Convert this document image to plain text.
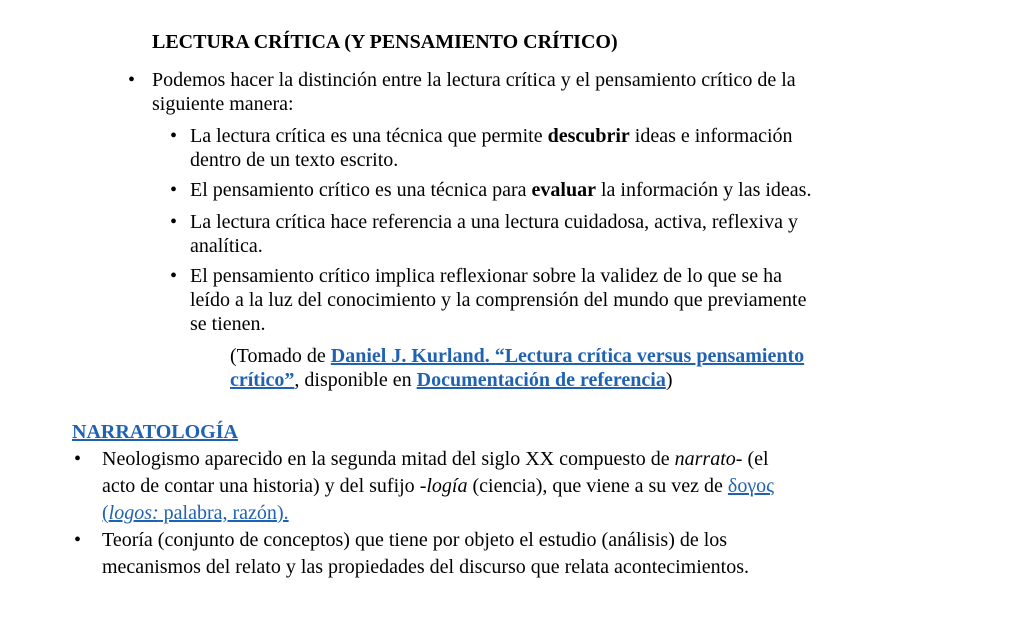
LECTURA CRÍTICA (Y PENSAMIENTO CRÍTICO)
• Podemos hacer la distinción entre la lectura crítica y el pensamiento crítico de la
siguiente manera:
• La lectura crítica es una técnica que permite descubrir ideas e información
dentro de un texto escrito.
• El pensamiento crítico es una técnica para evaluar la información y las ideas.
• La lectura crítica hace referencia a una lectura cuidadosa, activa, reflexiva y
analítica.
• El pensamiento crítico implica reflexionar sobre la validez de lo que se ha
leído a la luz del conocimiento y la comprensión del mundo que previamente
se tienen.
(Tomado de Daniel J. Kurland. “Lectura crítica versus pensamiento
crítico”, disponible en Documentación de referencia)
NARRATOLOGÍA
• Neologismo aparecido en la segunda mitad del siglo XX compuesto de narrato- (el
acto de contar una historia) y del sufijo -logía (ciencia), que viene a su vez de δογος
(logos: palabra, razón).
• Teoría (conjunto de conceptos) que tiene por objeto el estudio (análisis) de los
mecanismos del relato y las propiedades del discurso que relata acontecimientos.
